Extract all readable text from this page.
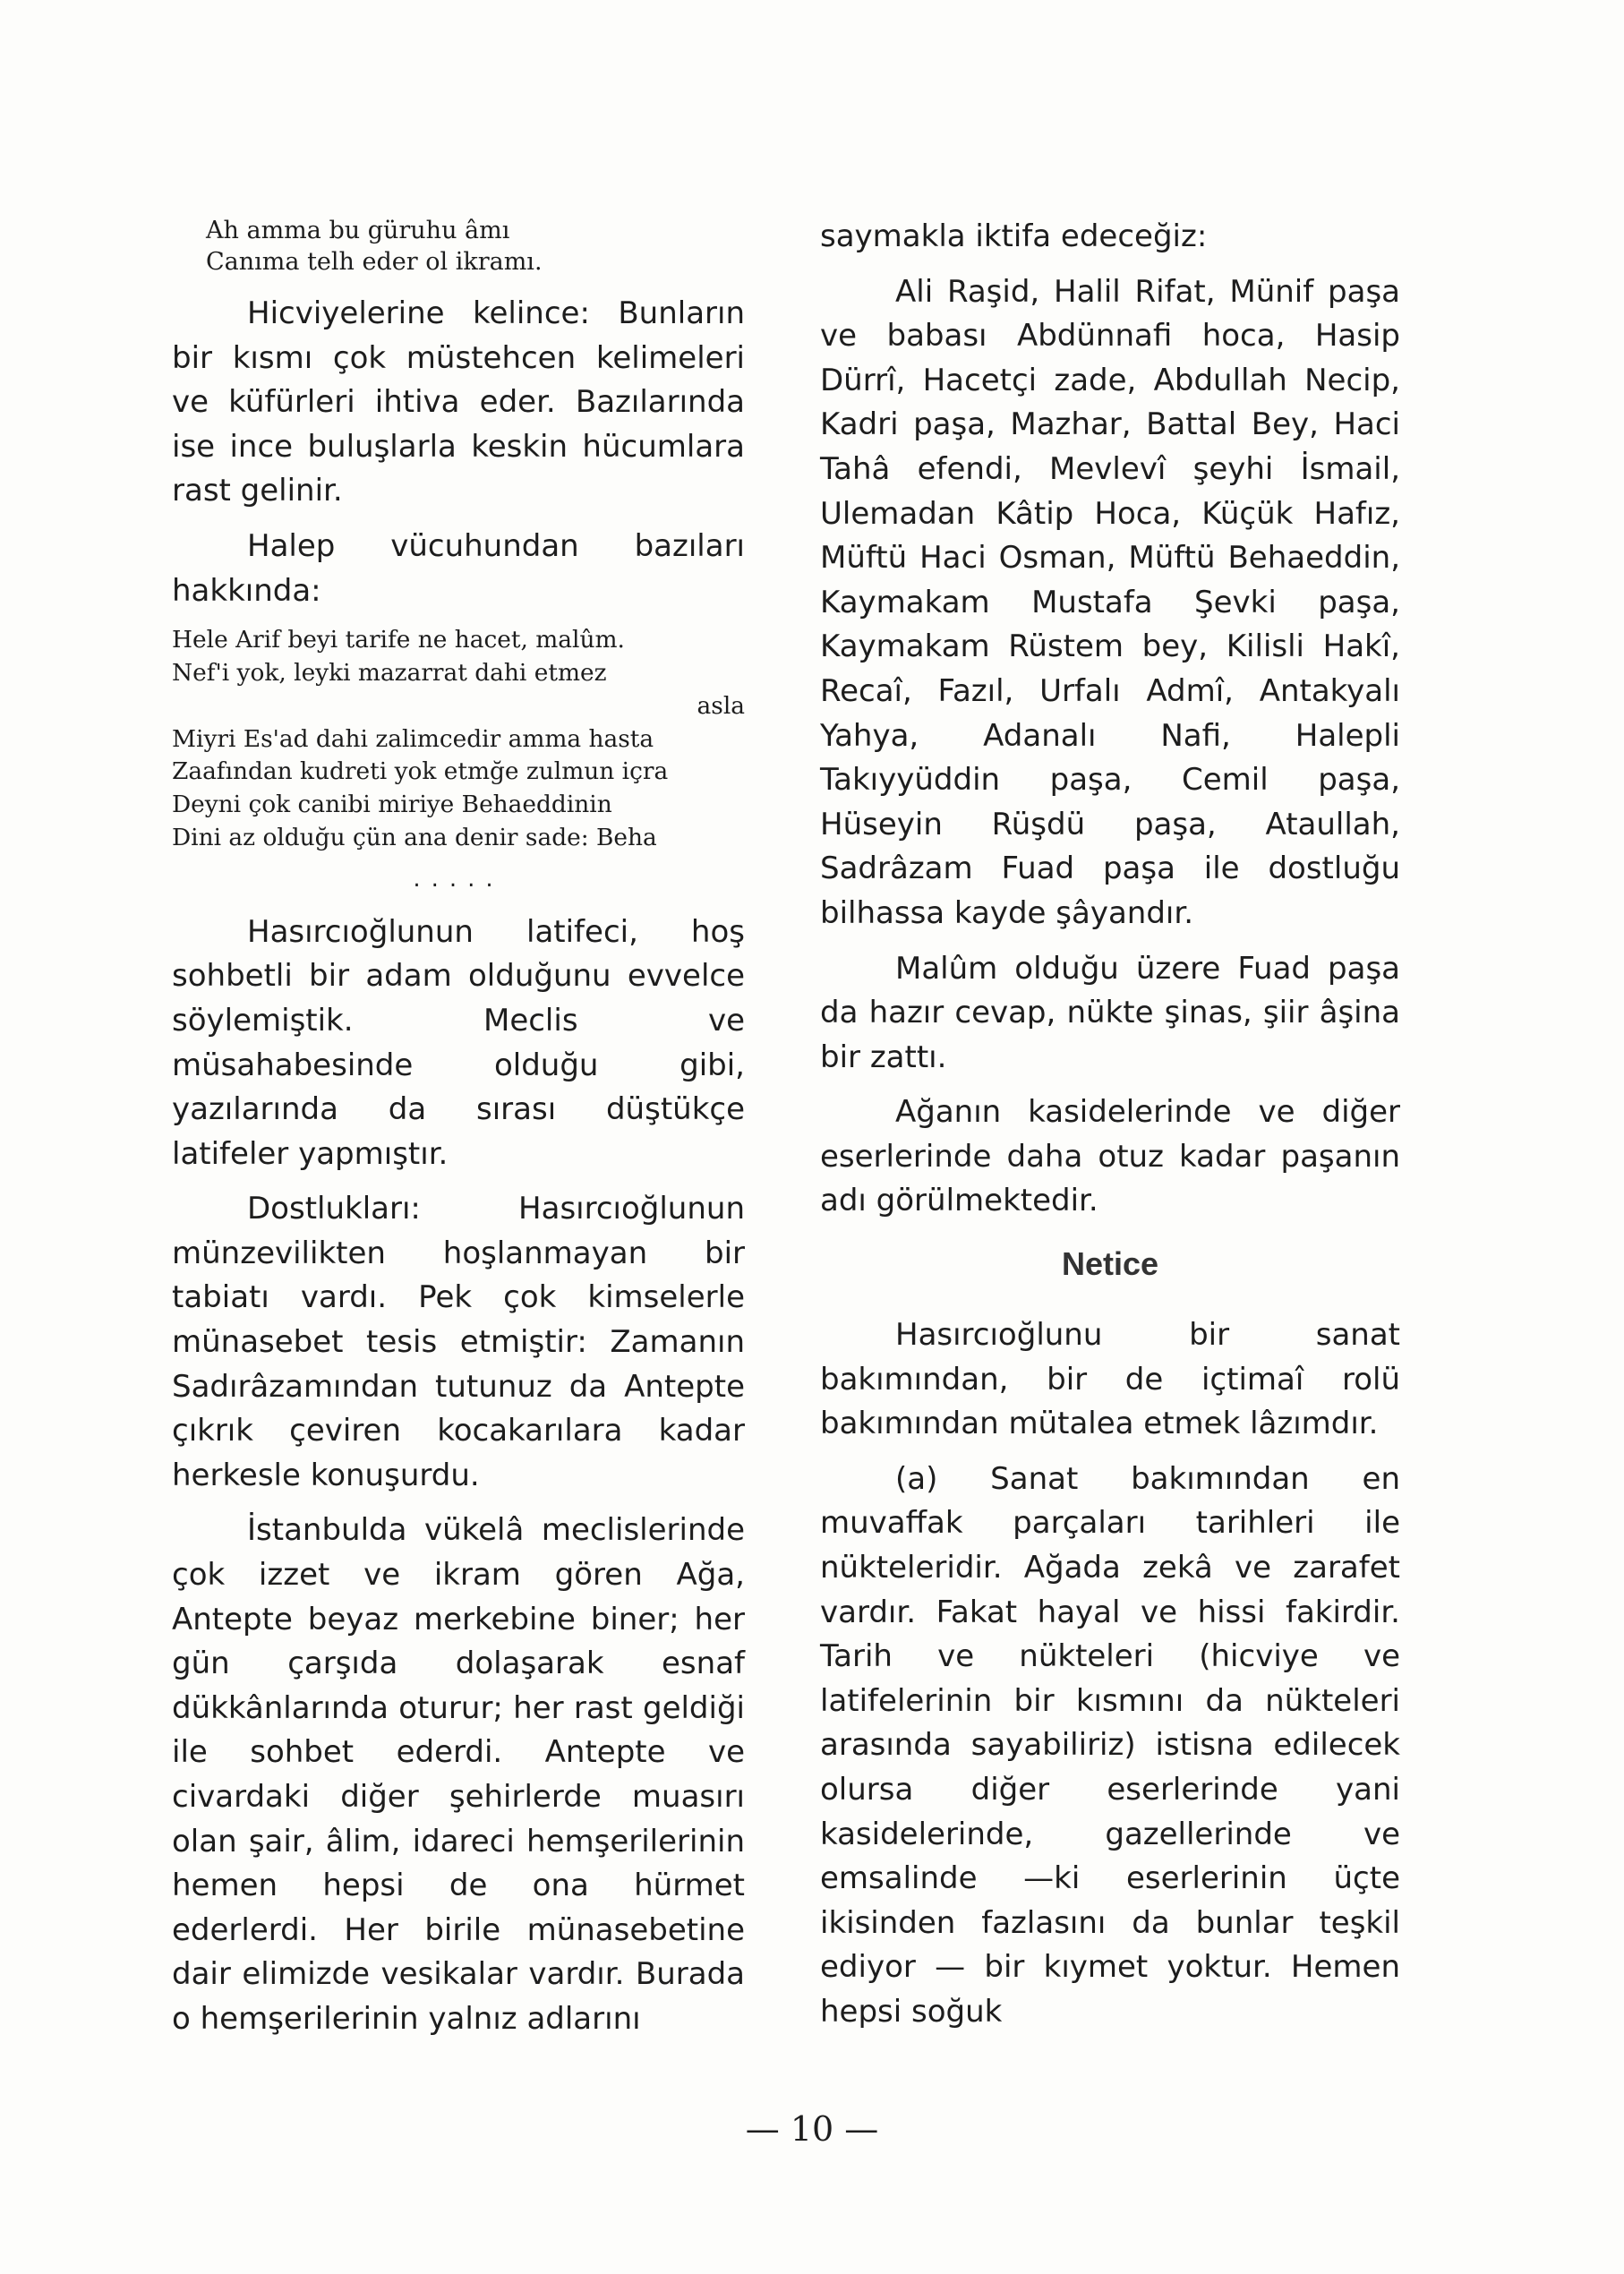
Ah amma bu güruhu âmı
Canıma telh eder ol ikramı.

Hicviyelerine kelince: Bunların bir kısmı çok müstehcen kelimeleri ve küfürleri ihtiva eder. Bazılarında ise ince buluşlarla keskin hücumlara rast gelinir.

Halep vücuhundan bazıları hakkında:

Hele Arif beyi tarife ne hacet, malûm.
Nef'i yok, leyki mazarrat dahi etmez
asla
Miyri Es'ad dahi zalimcedir amma hasta
Zaafından kudreti yok etmğe zulmun içra
Deyni çok canibi miriye Behaeddinin
Dini az olduğu çün ana denir sade: Beha
.....

Hasırcıoğlunun latifeci, hoş sohbetli bir adam olduğunu evvelce söylemiştik. Meclis ve müsahabesinde olduğu gibi, yazılarında da sırası düştükçe latifeler yapmıştır.

Dostlukları: Hasırcıoğlunun münzevilikten hoşlanmayan bir tabiatı vardı. Pek çok kimselerle münasebet tesis etmiştir: Zamanın Sadırâzamından tutunuz da Antepte çıkrık çeviren kocakarılara kadar herkesle konuşurdu.

İstanbulda vükelâ meclislerinde çok izzet ve ikram gören Ağa, Antepte beyaz merkebine biner; her gün çarşıda dolaşarak esnaf dükkânlarında oturur; her rast geldiği ile sohbet ederdi. Antepte ve civardaki diğer şehirlerde muasırı olan şair, âlim, idareci hemşerilerinin hemen hepsi de ona hürmet ederlerdi. Her birile münasebetine dair elimizde vesikalar vardır. Burada o hemşerilerinin yalnız adlarını

saymakla iktifa edeceğiz:

Ali Raşid, Halil Rifat, Münif paşa ve babası Abdünnafi hoca, Hasip Dürrî, Hacetçi zade, Abdullah Necip, Kadri paşa, Mazhar, Battal Bey, Haci Tahâ efendi, Mevlevî şeyhi İsmail, Ulemadan Kâtip Hoca, Küçük Hafız, Müftü Haci Osman, Müftü Behaeddin, Kaymakam Mustafa Şevki paşa, Kaymakam Rüstem bey, Kilisli Hakî, Recaî, Fazıl, Urfalı Admî, Antakyalı Yahya, Adanalı Nafi, Halepli Takıyyüddin paşa, Cemil paşa, Hüseyin Rüşdü paşa, Ataullah, Sadrâzam Fuad paşa ile dostluğu bilhassa kayde şâyandır.

Malûm olduğu üzere Fuad paşa da hazır cevap, nükte şinas, şiir âşina bir zattı.

Ağanın kasidelerinde ve diğer eserlerinde daha otuz kadar paşanın adı görülmektedir.

Netice

Hasırcıoğlunu bir sanat bakımından, bir de içtimaî rolü bakımından mütalea etmek lâzımdır.

(a) Sanat bakımından en muvaffak parçaları tarihleri ile nükteleridir. Ağada zekâ ve zarafet vardır. Fakat hayal ve hissi fakirdir. Tarih ve nükteleri (hicviye ve latifelerinin bir kısmını da nükteleri arasında sayabiliriz) istisna edilecek olursa diğer eserlerinde yani kasidelerinde, gazellerinde ve emsalinde —ki eserlerinin üçte ikisinden fazlasını da bunlar teşkil ediyor — bir kıymet yoktur. Hemen hepsi soğuk

— 10 —
